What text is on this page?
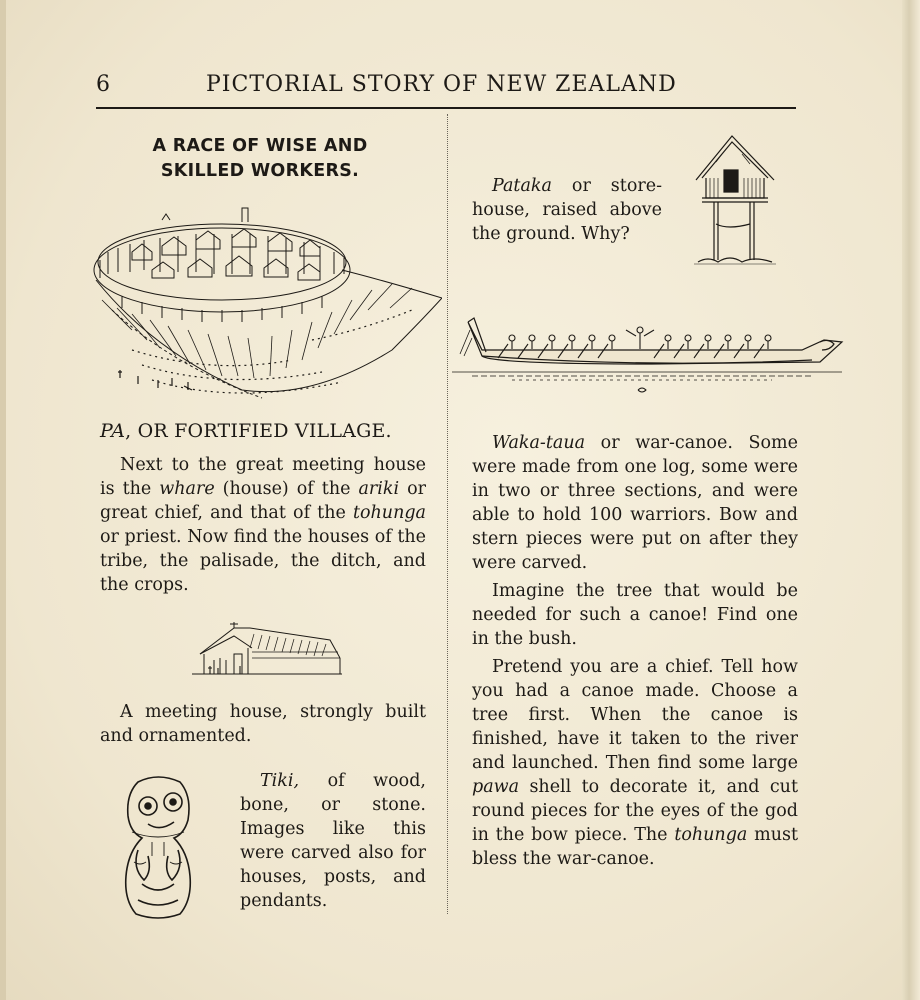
6	PICTORIAL STORY OF NEW ZEALAND
A RACE OF WISE AND
SKILLED WORKERS.
PA, OR FORTIFIED VILLAGE.

Next to the great meeting house is the whare (house) of the ariki or great chief, and that of the tohunga or priest. Now find the houses of the tribe, the palisade, the ditch, and the crops.

A meeting house, strongly built and ornamented.

Tiki, of wood, bone, or stone. Images like this were carved also for houses, posts, and pendants.

Pataka or store-house, raised above the ground. Why?

Waka-taua or war-canoe. Some were made from one log, some were in two or three sections, and were able to hold 100 warriors. Bow and stern pieces were put on after they were carved.

Imagine the tree that would be needed for such a canoe! Find one in the bush.

Pretend you are a chief. Tell how you had a canoe made. Choose a tree first. When the canoe is finished, have it taken to the river and launched. Then find some large pawa shell to decorate it, and cut round pieces for the eyes of the god in the bow piece. The tohunga must bless the war-canoe.
